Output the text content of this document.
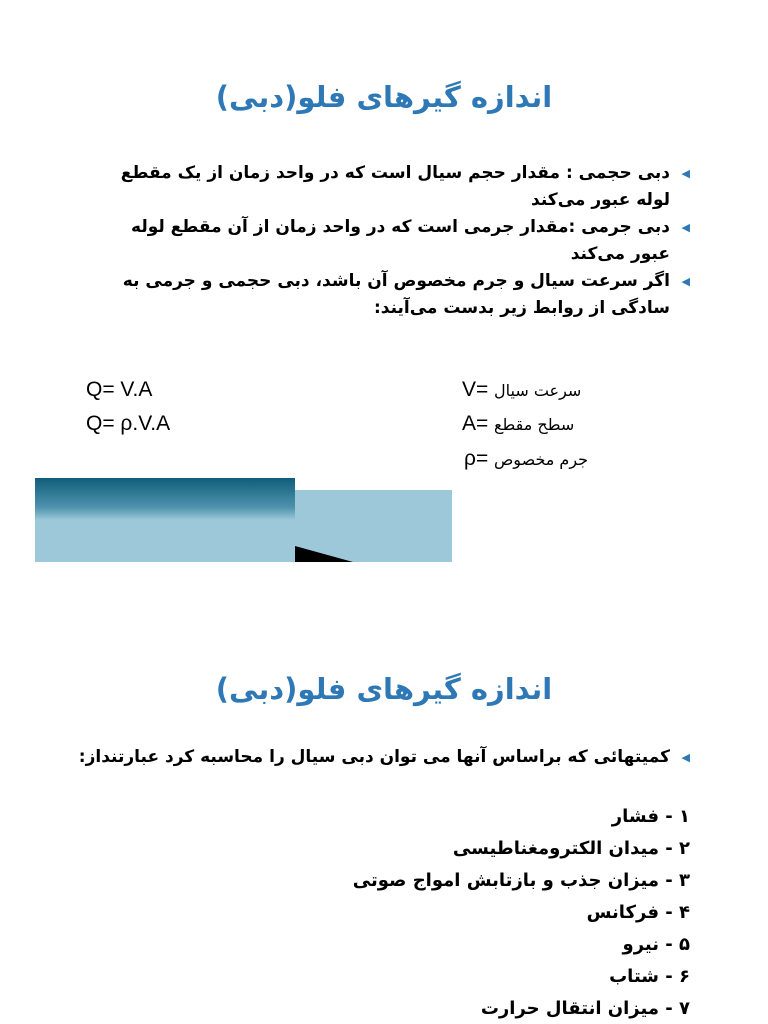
اندازه گیرهای فلو(دبی)
◀
دبی حجمی : مقدار حجم سیال است که در واحد زمان از یک مقطع لوله عبور می‌کند
◀
دبی جرمی :مقدار جرمی است که در واحد زمان از آن مقطع لوله عبور می‌کند
◀
اگر سرعت سیال و جرم مخصوص آن باشد، دبی حجمی و جرمی به سادگی از روابط زیر بدست می‌آیند:
Q= V.A
Q= ρ.V.A
V= سرعت سیال
A= سطح مقطع
ρ= جرم مخصوص
اندازه گیرهای فلو(دبی)
◀
کمیتهائی که براساس آنها می توان دبی سیال را محاسبه کرد عبارتنداز:
۱ - فشار
۲ - میدان الکترومغناطیسی
۳ - میزان جذب و بازتابش امواج صوتی
۴ - فرکانس
۵ - نیرو
۶ - شتاب
۷ - میزان انتقال حرارت
